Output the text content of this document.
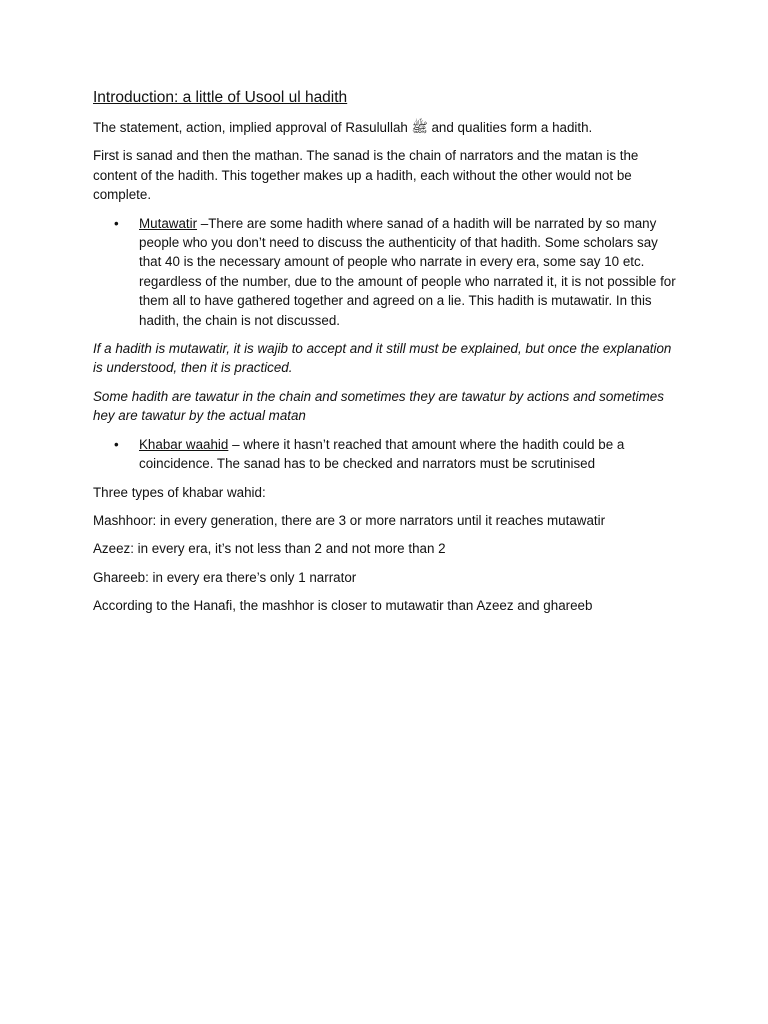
Introduction: a little of Usool ul hadith

The statement, action, implied approval of Rasulullah ﷺ and qualities form a hadith.

First is sanad and then the mathan. The sanad is the chain of narrators and the matan is the content of the hadith. This together makes up a hadith, each without the other would not be complete.

• Mutawatir –There are some hadith where sanad of a hadith will be narrated by so many people who you don’t need to discuss the authenticity of that hadith. Some scholars say that 40 is the necessary amount of people who narrate in every era, some say 10 etc. regardless of the number, due to the amount of people who narrated it, it is not possible for them all to have gathered together and agreed on a lie. This hadith is mutawatir. In this hadith, the chain is not discussed.

If a hadith is mutawatir, it is wajib to accept and it still must be explained, but once the explanation is understood, then it is practiced.

Some hadith are tawatur in the chain and sometimes they are tawatur by actions and sometimes hey are tawatur by the actual matan

• Khabar waahid – where it hasn’t reached that amount where the hadith could be a coincidence. The sanad has to be checked and narrators must be scrutinised

Three types of khabar wahid:

Mashhoor: in every generation, there are 3 or more narrators until it reaches mutawatir

Azeez: in every era, it’s not less than 2 and not more than 2

Ghareeb: in every era there’s only 1 narrator

According to the Hanafi, the mashhor is closer to mutawatir than Azeez and ghareeb
